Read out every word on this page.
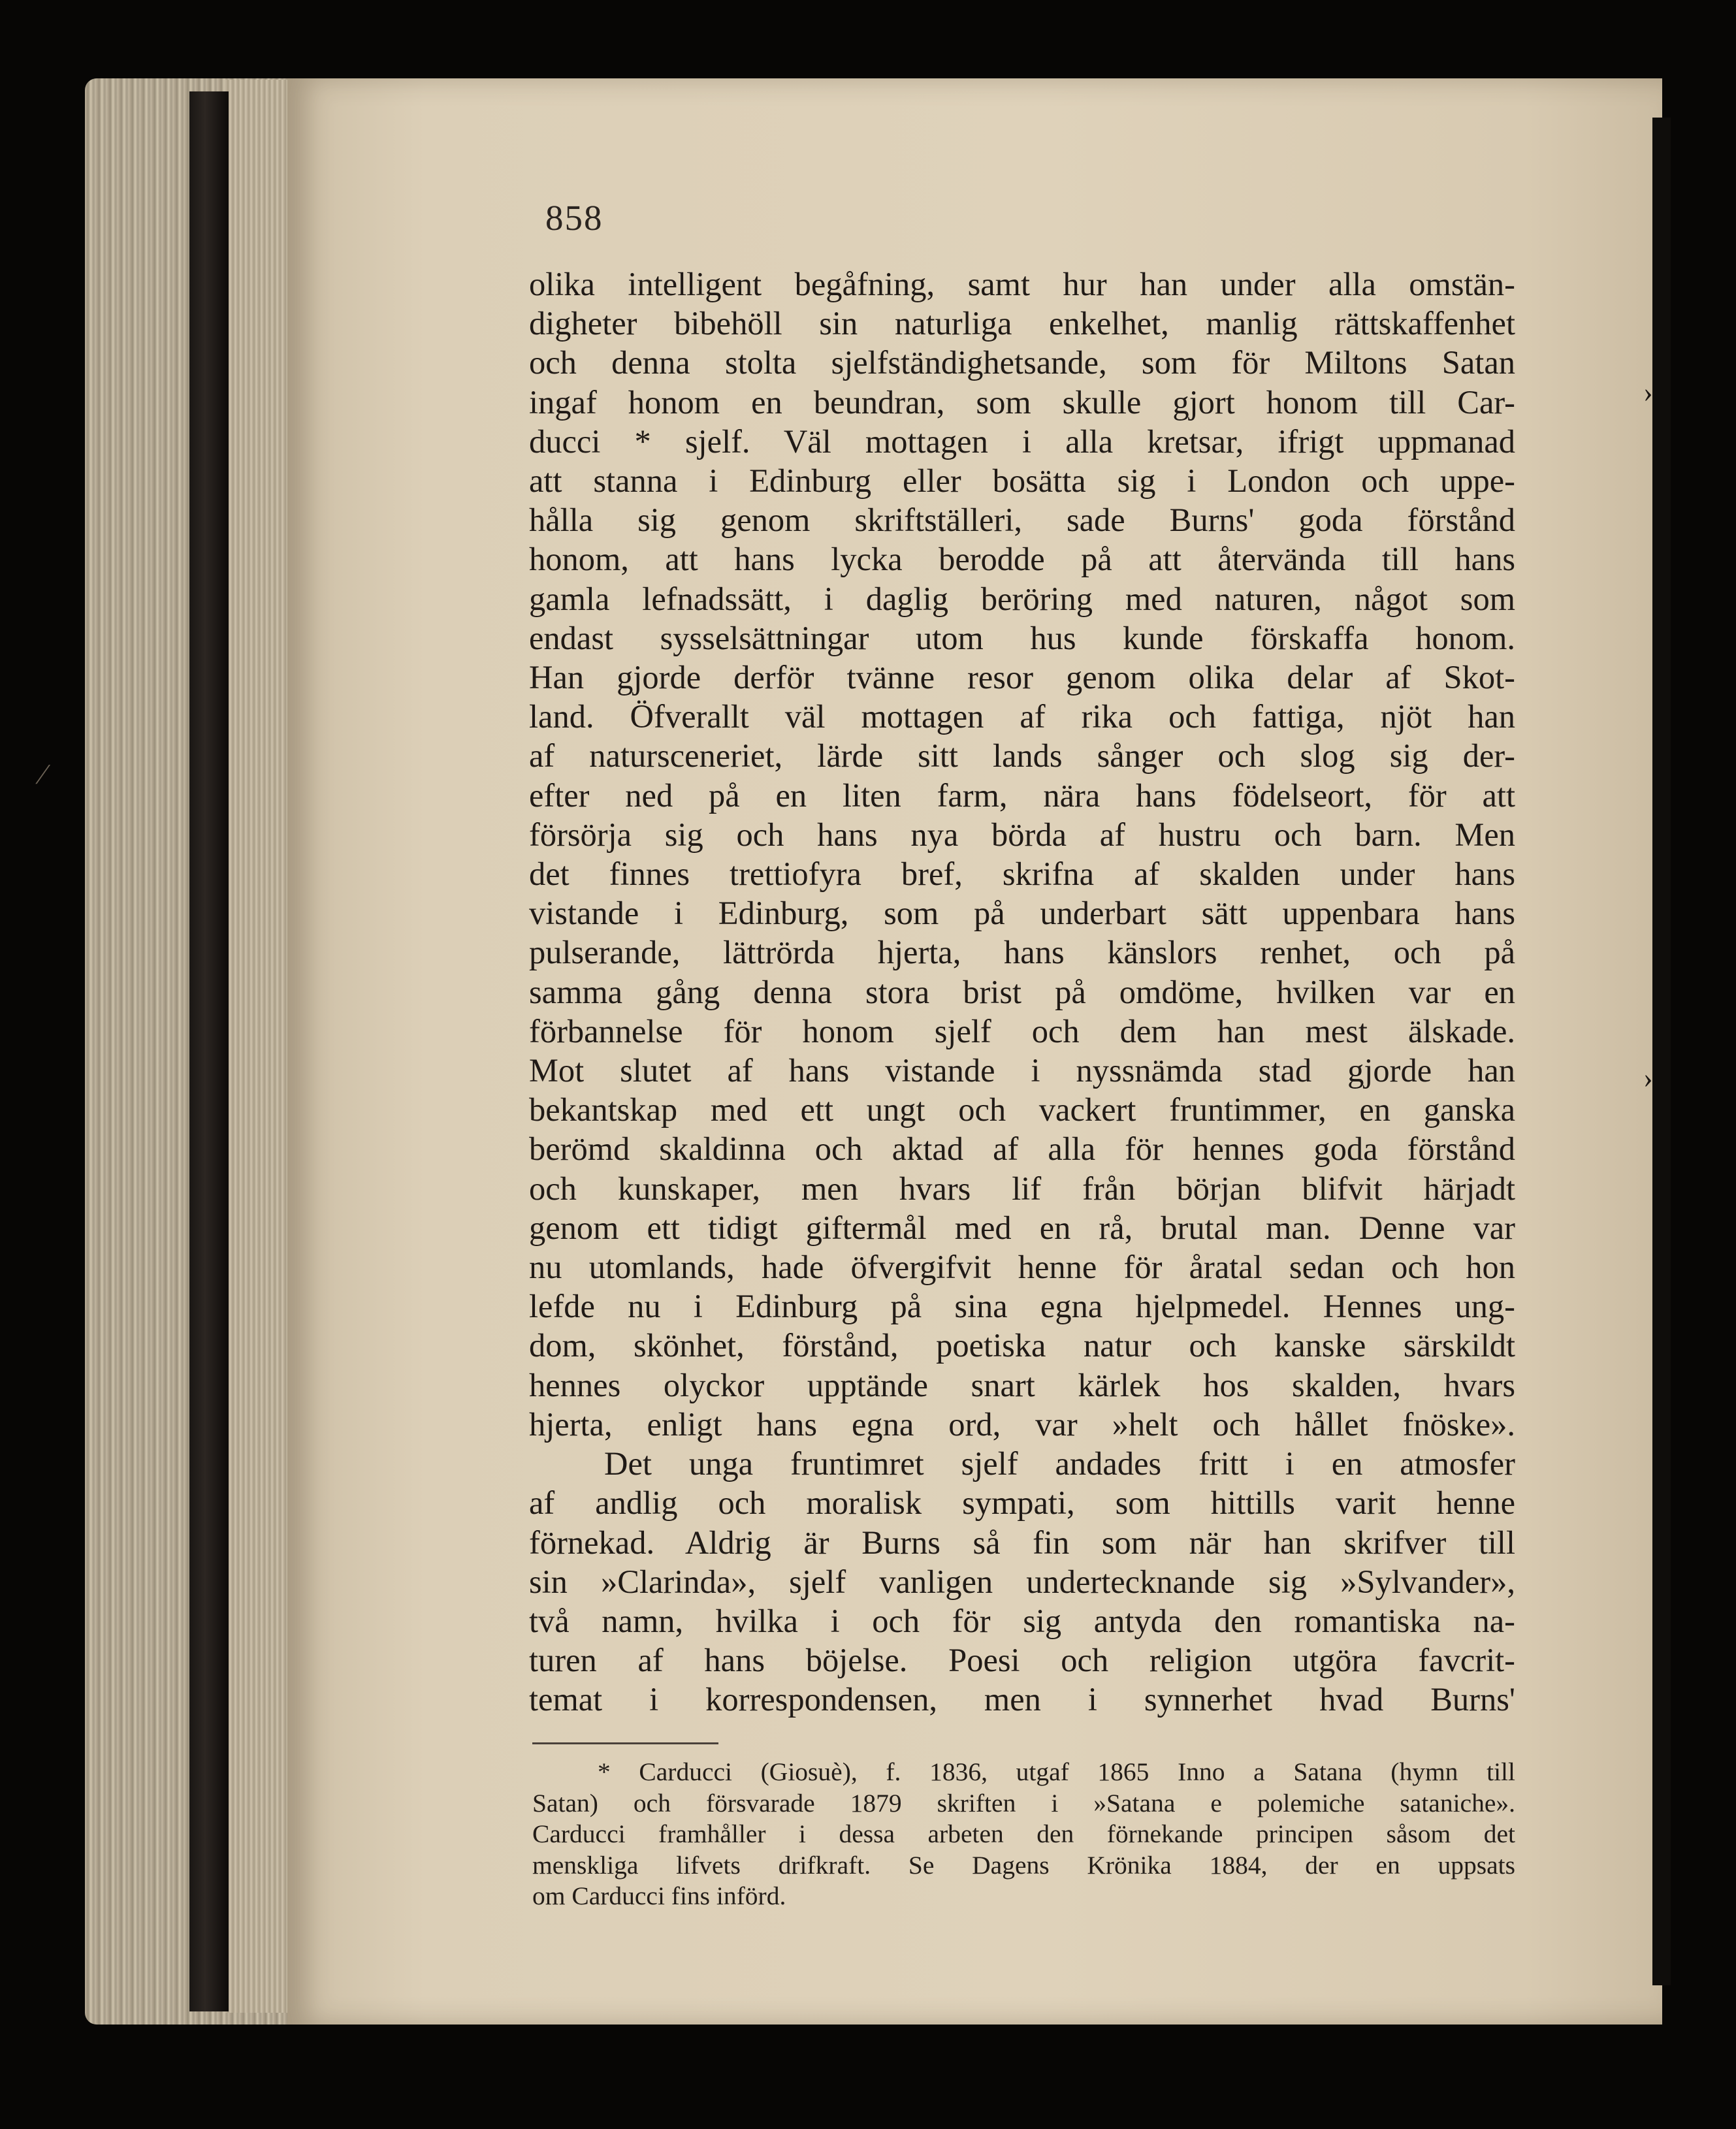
›
›
⁄
858
olika intelligent begåfning, samt hur han under alla omstän-
digheter bibehöll sin naturliga enkelhet, manlig rättskaffenhet
och denna stolta sjelfständighetsande, som för Miltons Satan
ingaf honom en beundran, som skulle gjort honom till Car-
ducci * sjelf. Väl mottagen i alla kretsar, ifrigt uppmanad
att stanna i Edinburg eller bosätta sig i London och uppe-
hålla sig genom skriftställeri, sade Burns' goda förstånd
honom, att hans lycka berodde på att återvända till hans
gamla lefnadssätt, i daglig beröring med naturen, något som
endast sysselsättningar utom hus kunde förskaffa honom.
Han gjorde derför tvänne resor genom olika delar af Skot-
land. Öfverallt väl mottagen af rika och fattiga, njöt han
af natursceneriet, lärde sitt lands sånger och slog sig der-
efter ned på en liten farm, nära hans födelseort, för att
försörja sig och hans nya börda af hustru och barn. Men
det finnes trettiofyra bref, skrifna af skalden under hans
vistande i Edinburg, som på underbart sätt uppenbara hans
pulserande, lättrörda hjerta, hans känslors renhet, och på
samma gång denna stora brist på omdöme, hvilken var en
förbannelse för honom sjelf och dem han mest älskade.
Mot slutet af hans vistande i nyssnämda stad gjorde han
bekantskap med ett ungt och vackert fruntimmer, en ganska
berömd skaldinna och aktad af alla för hennes goda förstånd
och kunskaper, men hvars lif från början blifvit härjadt
genom ett tidigt giftermål med en rå, brutal man. Denne var
nu utomlands, hade öfvergifvit henne för åratal sedan och hon
lefde nu i Edinburg på sina egna hjelpmedel. Hennes ung-
dom, skönhet, förstånd, poetiska natur och kanske särskildt
hennes olyckor upptände snart kärlek hos skalden, hvars
hjerta, enligt hans egna ord, var »helt och hållet fnöske».
Det unga fruntimret sjelf andades fritt i en atmosfer
af andlig och moralisk sympati, som hittills varit henne
förnekad. Aldrig är Burns så fin som när han skrifver till
sin »Clarinda», sjelf vanligen undertecknande sig »Sylvander»,
två namn, hvilka i och för sig antyda den romantiska na-
turen af hans böjelse. Poesi och religion utgöra favcrit-
temat i korrespondensen, men i synnerhet hvad Burns'
* Carducci (Giosuè), f. 1836, utgaf 1865 Inno a Satana (hymn till
Satan) och försvarade 1879 skriften i »Satana e polemiche sataniche».
Carducci framhåller i dessa arbeten den förnekande principen såsom det
menskliga lifvets drifkraft. Se Dagens Krönika 1884, der en uppsats
om Carducci fins införd.
